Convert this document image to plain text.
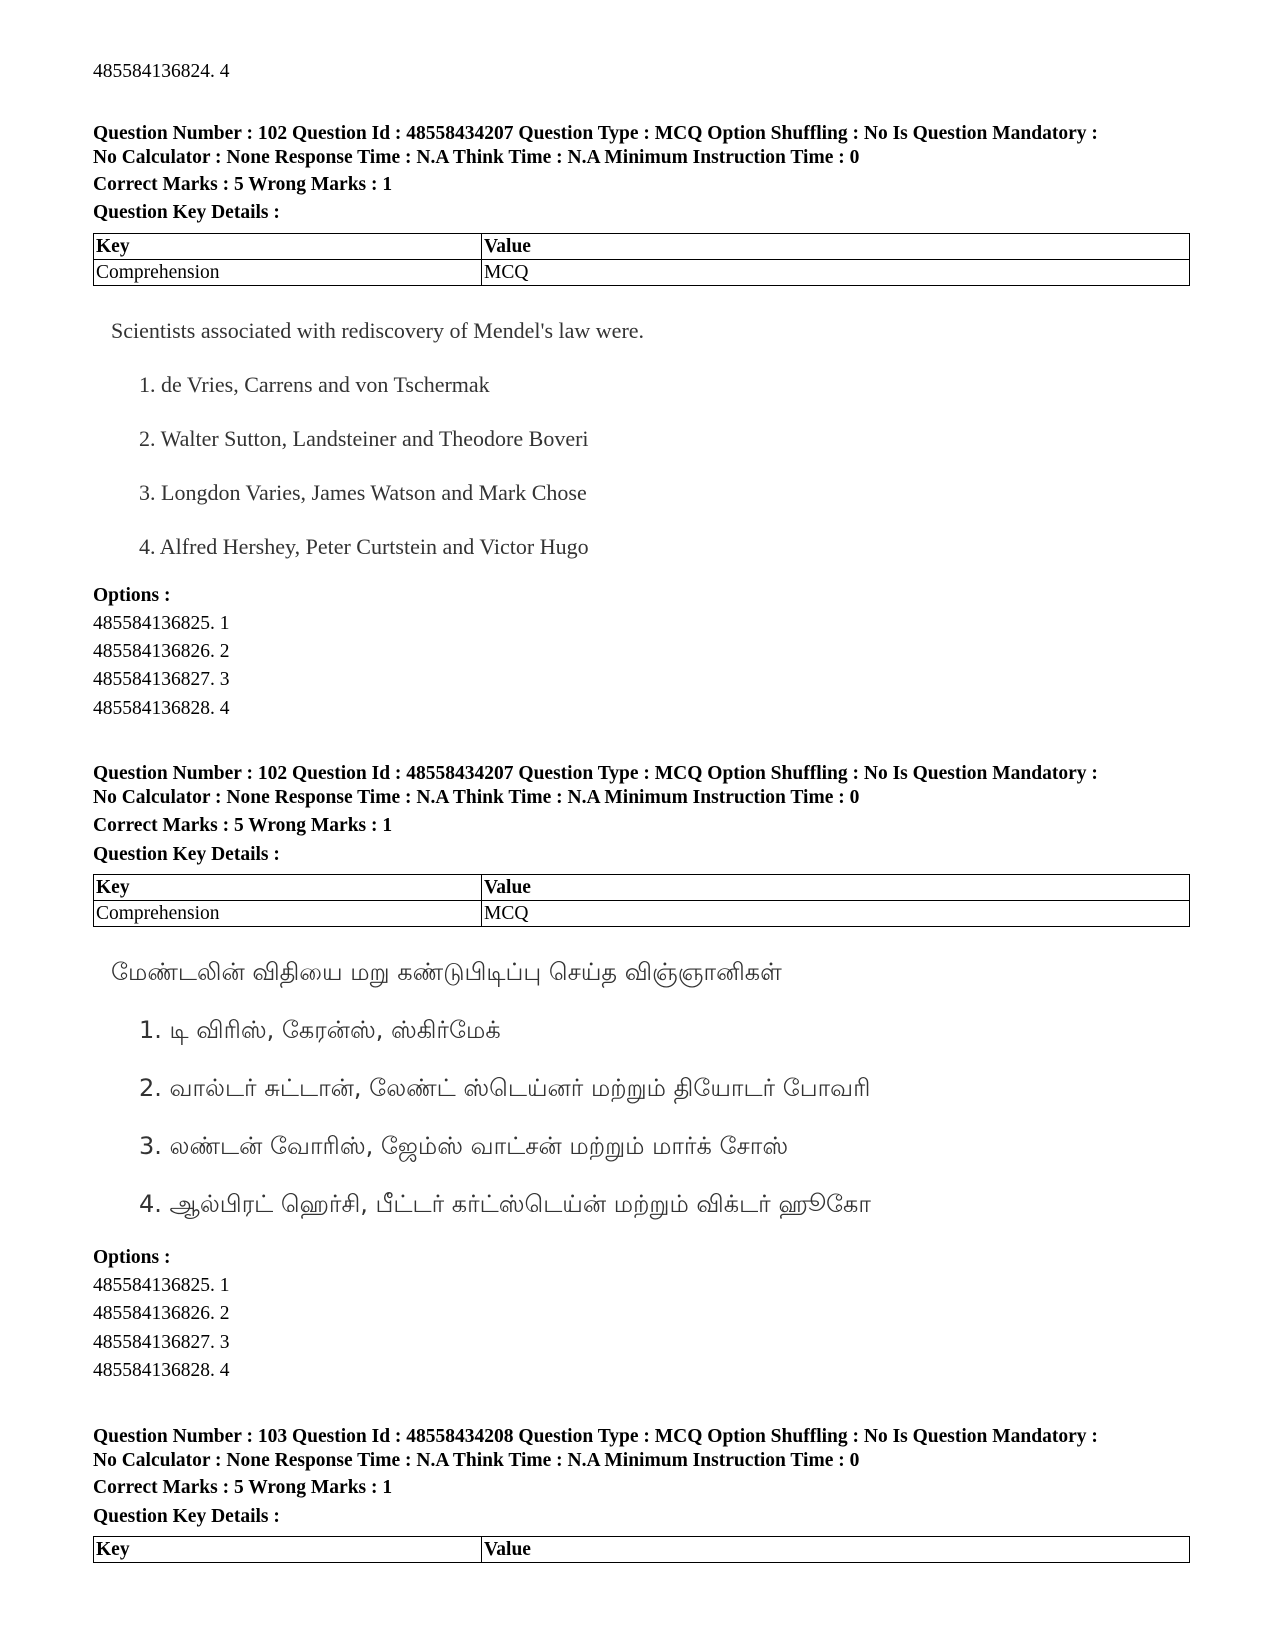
485584136824. 4
Question Number : 102 Question Id : 48558434207 Question Type : MCQ Option Shuffling : No Is Question Mandatory :
No Calculator : None Response Time : N.A Think Time : N.A Minimum Instruction Time : 0
Correct Marks : 5 Wrong Marks : 1
Question Key Details :
Key	Value
Comprehension	MCQ
Scientists associated with rediscovery of Mendel's law were.
1. de Vries, Carrens and von Tschermak
2. Walter Sutton, Landsteiner and Theodore Boveri
3. Longdon Varies, James Watson and Mark Chose
4. Alfred Hershey, Peter Curtstein and Victor Hugo
Options :
485584136825. 1
485584136826. 2
485584136827. 3
485584136828. 4
Question Number : 102 Question Id : 48558434207 Question Type : MCQ Option Shuffling : No Is Question Mandatory :
No Calculator : None Response Time : N.A Think Time : N.A Minimum Instruction Time : 0
Correct Marks : 5 Wrong Marks : 1
Question Key Details :
Key	Value
Comprehension	MCQ
மேண்டலின் விதியை மறு கண்டுபிடிப்பு செய்த விஞ்ஞானிகள்
1. டி விரிஸ், கேரன்ஸ், ஸ்கிர்மேக்
2. வால்டர் சுட்டான், லேண்ட் ஸ்டெய்னர் மற்றும் தியோடர் போவரி
3. லண்டன் வோரிஸ், ஜேம்ஸ் வாட்சன் மற்றும் மார்க் சோஸ்
4. ஆல்பிரட் ஹெர்சி, பீட்டர் கர்ட்ஸ்டெய்ன் மற்றும் விக்டர் ஹூகோ
Options :
485584136825. 1
485584136826. 2
485584136827. 3
485584136828. 4
Question Number : 103 Question Id : 48558434208 Question Type : MCQ Option Shuffling : No Is Question Mandatory :
No Calculator : None Response Time : N.A Think Time : N.A Minimum Instruction Time : 0
Correct Marks : 5 Wrong Marks : 1
Question Key Details :
Key	Value
